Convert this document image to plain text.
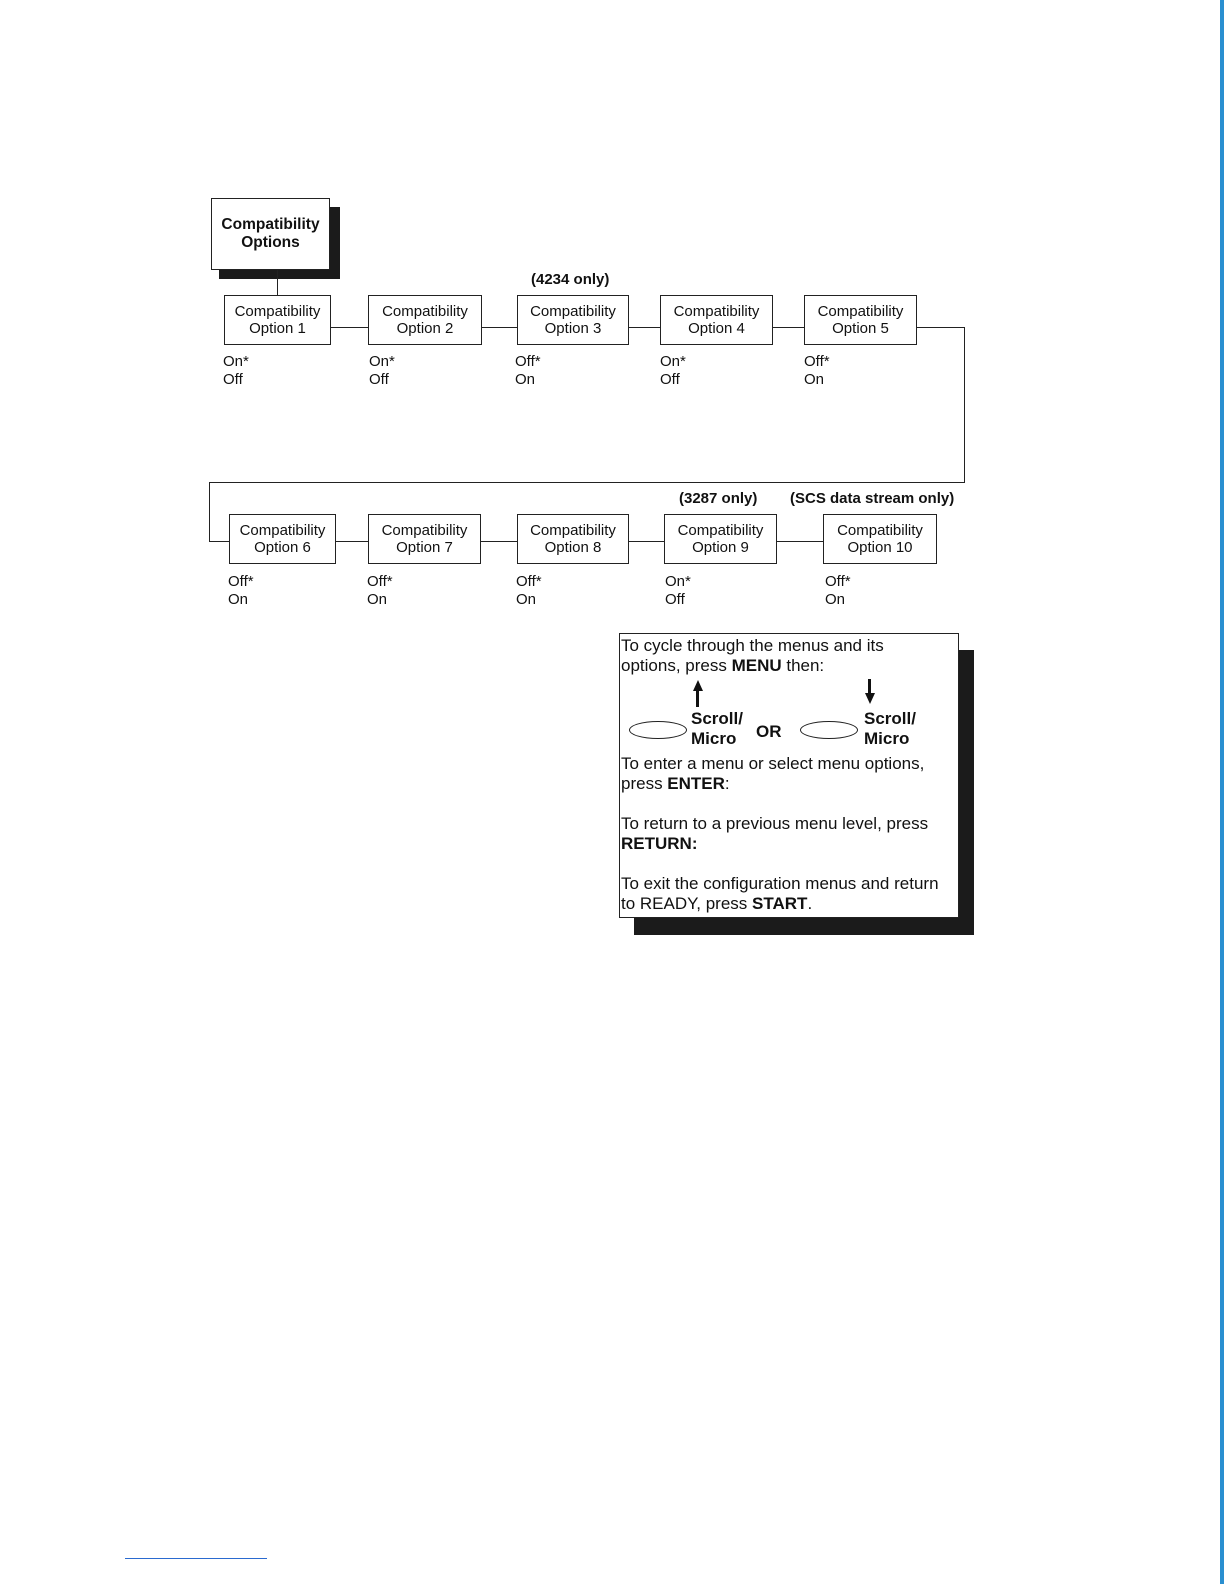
Compatibility
Options
Compatibility
Option 1
On*
Off
Compatibility
Option 2
On*
Off
(4234 only)
Compatibility
Option 3
Off*
On
Compatibility
Option 4
On*
Off
Compatibility
Option 5
Off*
On
Compatibility
Option 6
Off*
On
Compatibility
Option 7
Off*
On
Compatibility
Option 8
Off*
On
(3287 only)
Compatibility
Option 9
On*
Off
(SCS data stream only)
Compatibility
Option 10
Off*
On
To cycle through the menus and its
options, press MENU then:
Scroll/
Micro	OR
Scroll/
Micro
To enter a menu or select menu options,
press ENTER:
To return to a previous menu level, press
RETURN:
To exit the configuration menus and return
to READY, press START.
